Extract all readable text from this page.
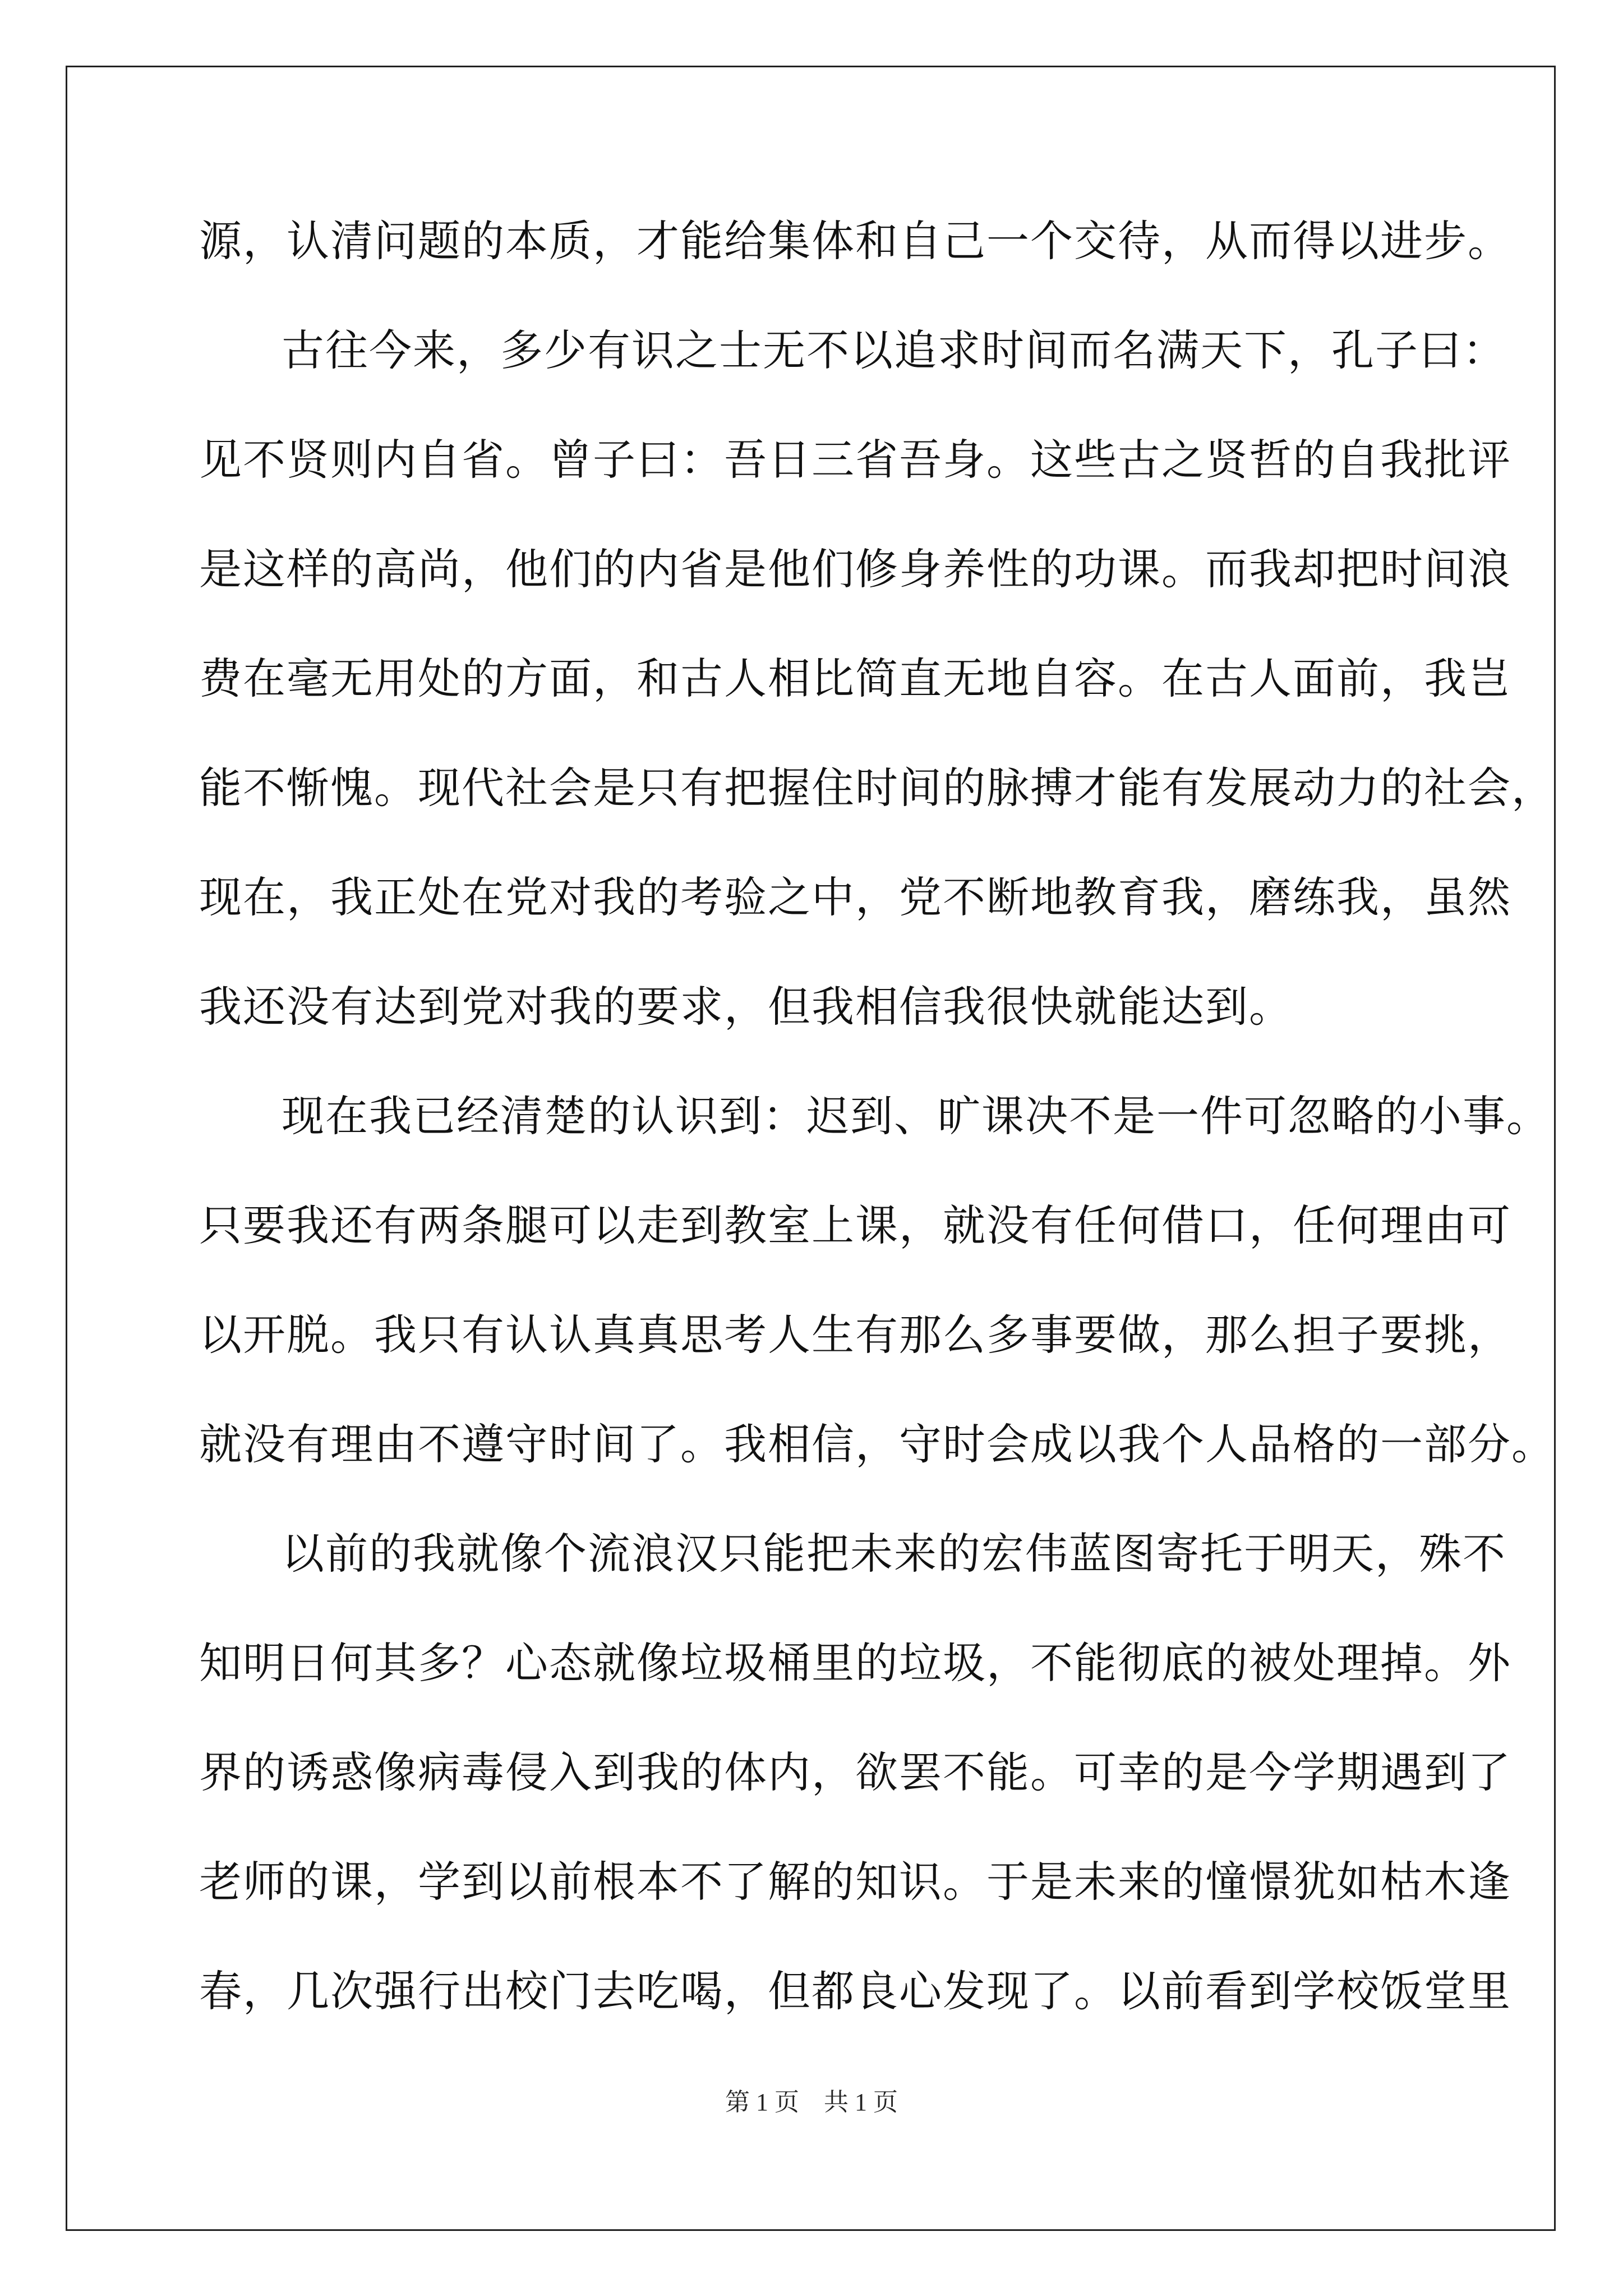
源，认清问题的本质，才能给集体和自己一个交待，从而得以进步。
古往今来，多少有识之士无不以追求时间而名满天下，孔子曰：
见不贤则内自省。曾子曰：吾日三省吾身。这些古之贤哲的自我批评
是这样的高尚，他们的内省是他们修身养性的功课。而我却把时间浪
费在毫无用处的方面，和古人相比简直无地自容。在古人面前，我岂
能不惭愧。现代社会是只有把握住时间的脉搏才能有发展动力的社会，
现在，我正处在党对我的考验之中，党不断地教育我，磨练我，虽然
我还没有达到党对我的要求，但我相信我很快就能达到。
现在我已经清楚的认识到：迟到、旷课决不是一件可忽略的小事。
只要我还有两条腿可以走到教室上课，就没有任何借口，任何理由可
以开脱。我只有认认真真思考人生有那么多事要做，那么担子要挑，
就没有理由不遵守时间了。我相信，守时会成以我个人品格的一部分。
以前的我就像个流浪汉只能把未来的宏伟蓝图寄托于明天，殊不
知明日何其多？心态就像垃圾桶里的垃圾，不能彻底的被处理掉。外
界的诱惑像病毒侵入到我的体内，欲罢不能。可幸的是今学期遇到了
老师的课，学到以前根本不了解的知识。于是未来的憧憬犹如枯木逢
春，几次强行出校门去吃喝，但都良心发现了。以前看到学校饭堂里
第 1 页    共 1 页
